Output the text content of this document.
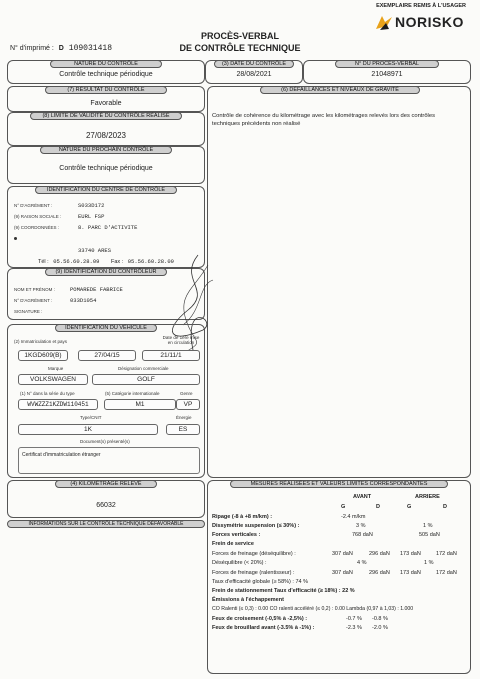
EXEMPLAIRE REMIS À L'USAGER
NORISKO
PROCÈS-VERBAL
DE CONTRÔLE TECHNIQUE
N° d'imprimé : D 109031418
NATURE DU CONTRÔLE
Contrôle technique périodique
(3) DATE DU CONTRÔLE
28/08/2021
N° DU PROCÈS-VERBAL
21048971
(7) RÉSULTAT DU CONTRÔLE
Favorable
(8) LIMITE DE VALIDITÉ DU CONTRÔLE RÉALISÉ
27/08/2023
NATURE DU PROCHAIN CONTRÔLE
Contrôle technique périodique
(6) DÉFAILLANCES ET NIVEAUX DE GRAVITÉ
Contrôle de cohérence du kilométrage avec les kilométrages relevés lors des contrôles techniques précédents non réalisé
IDENTIFICATION DU CENTRE DE CONTRÔLE
N° D'AGRÉMENT :	S033D172
(9) RAISON SOCIALE :	EURL FSP
(9) COORDONNÉES :	8. PARC D'ACTIVITE
33740 ARES
Tél : 05.56.60.28.09 Fax : 05.56.60.28.09
(9) IDENTIFICATION DU CONTRÔLEUR
NOM ET PRÉNOM :	POMAREDE FABRICE
N° D'AGRÉMENT :	033D1054
SIGNATURE :
IDENTIFICATION DU VÉHICULE
(2) Immatriculation et pays
Date de 1ère mise en circulation
1KGD609(B)	27/04/15	21/11/1
Marque	Désignation commerciale
VOLKSWAGEN	GOLF
(1) N° dans la série du type	(5) Catégorie internationale	Genre
WVWZZZ1KZDW110451	M1	VP
Type/CNIT	Énergie
1K	ES
Document(s) présenté(s)
Certificat d'immatriculation étranger
(4) KILOMÉTRAGE RELEVÉ
66032
INFORMATIONS SUR LE CONTRÔLE TECHNIQUE DÉFAVORABLE
MESURES RÉALISÉES ET VALEURS LIMITES CORRESPONDANTES
AVANT	ARRIERE
G	D	G	D
Ripage (-8 à +8 m/km) :	-2.4 m/km
Dissymétrie suspension (≤ 30%) :	3 %	1 %
Forces verticales :	768 daN	505 daN
Frein de service
Forces de freinage (déséquilibre) :	307 daN	296 daN 173 daN	172 daN
Déséquilibre (< 20%) :	4 %	1 %
Forces de freinage (ralentisseur) :	307 daN	296 daN 173 daN	172 daN
Taux d'efficacité globale (≥ 58%) : 74 %
Frein de stationnement Taux d'efficacité (≥ 18%) : 22 %
Émissions à l'échappement
CO Ralenti (≤ 0,3) : 0.00 CO ralenti accéléré (≤ 0,2) : 0.00 Lambda (0,97 à 1,03) : 1.000
Feux de croisement (-0,5% à -2,5%) :	-0.7 % -0.8 %
Feux de brouillard avant (-3.5% à -1%) :	-2.3 % -2.0 %
